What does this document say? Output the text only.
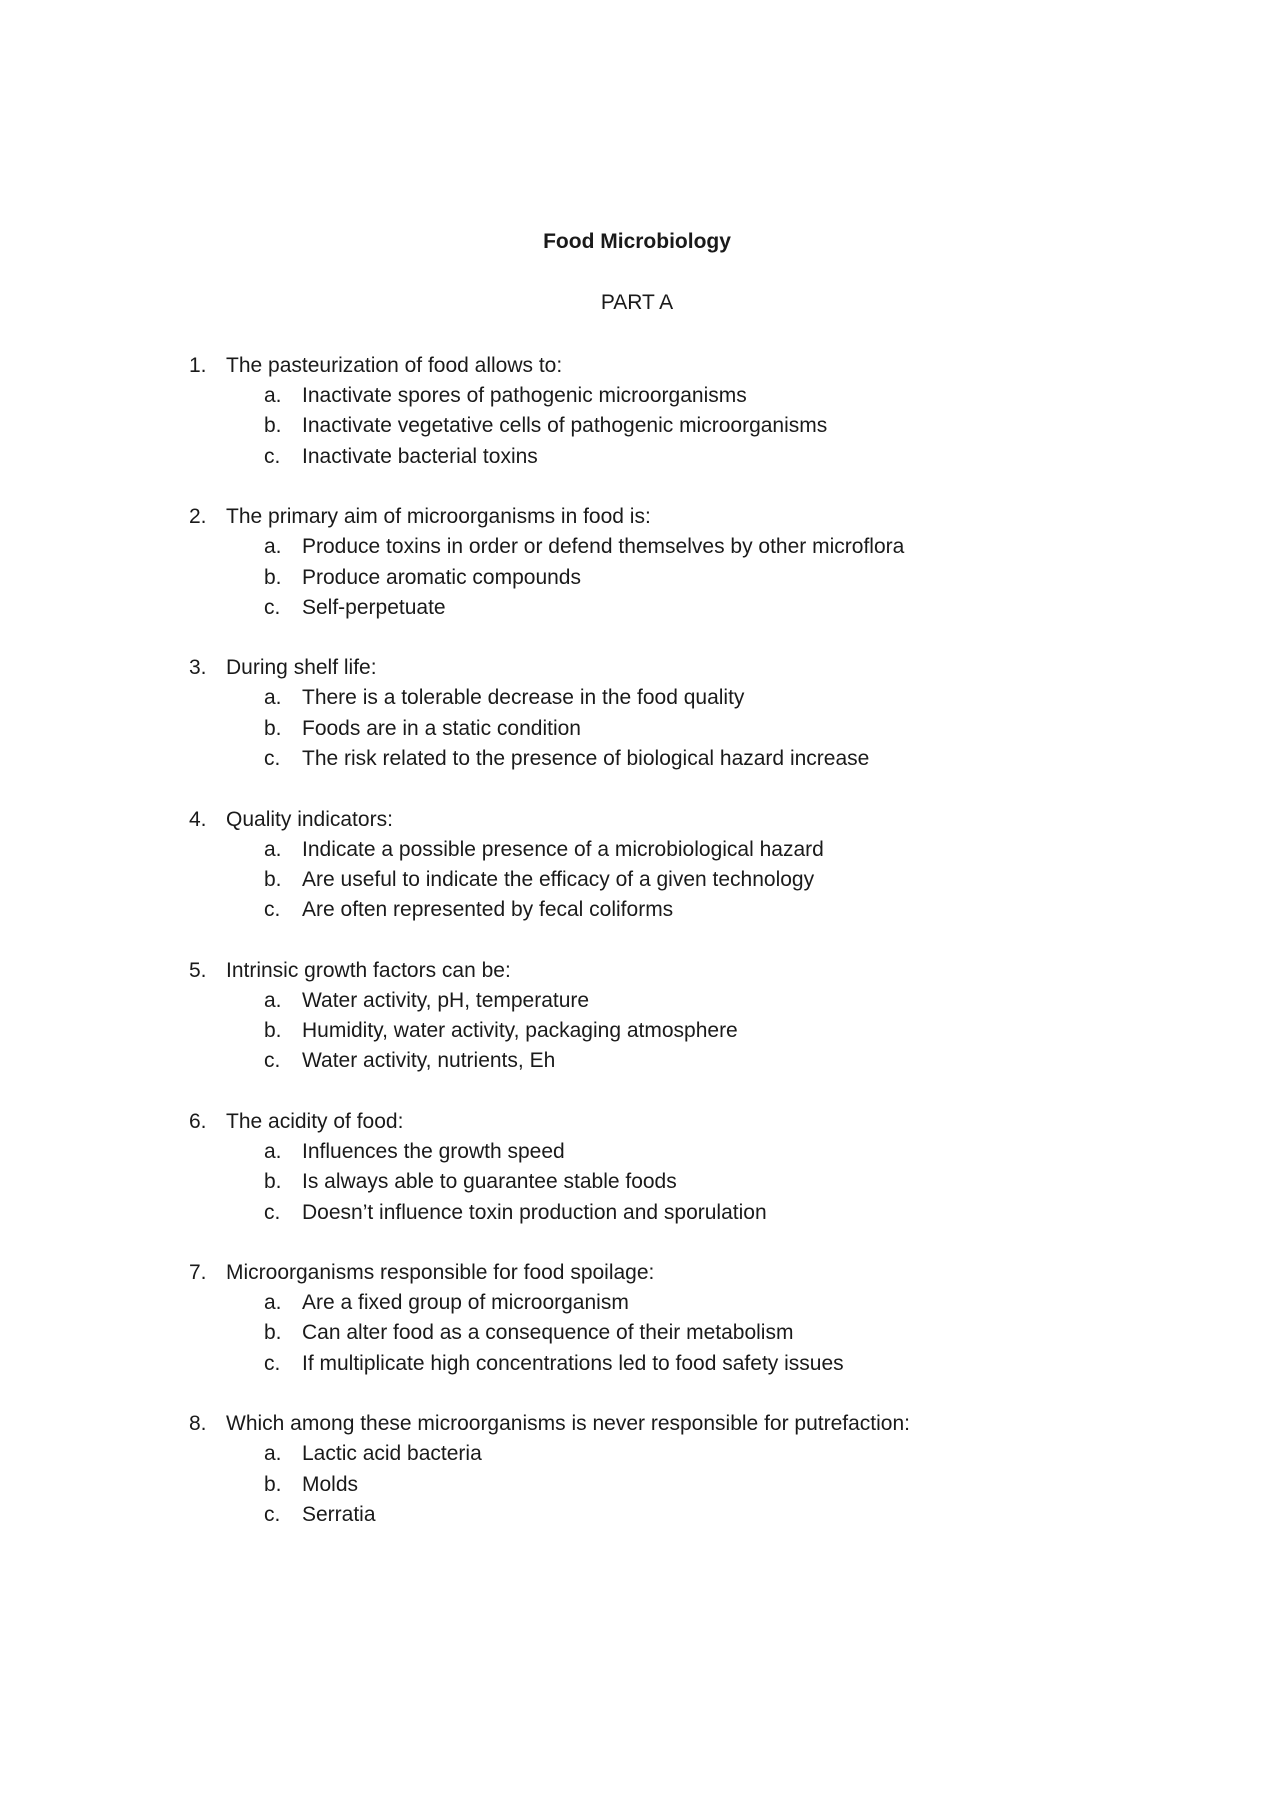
Food Microbiology
PART A
1. The pasteurization of food allows to:
a. Inactivate spores of pathogenic microorganisms
b. Inactivate vegetative cells of pathogenic microorganisms
c. Inactivate bacterial toxins
2. The primary aim of microorganisms in food is:
a. Produce toxins in order or defend themselves by other microflora
b. Produce aromatic compounds
c. Self-perpetuate
3. During shelf life:
a. There is a tolerable decrease in the food quality
b. Foods are in a static condition
c. The risk related to the presence of biological hazard increase
4. Quality indicators:
a. Indicate a possible presence of a microbiological hazard
b. Are useful to indicate the efficacy of a given technology
c. Are often represented by fecal coliforms
5. Intrinsic growth factors can be:
a. Water activity, pH, temperature
b. Humidity, water activity, packaging atmosphere
c. Water activity, nutrients, Eh
6. The acidity of food:
a. Influences the growth speed
b. Is always able to guarantee stable foods
c. Doesn’t influence toxin production and sporulation
7. Microorganisms responsible for food spoilage:
a. Are a fixed group of microorganism
b. Can alter food as a consequence of their metabolism
c. If multiplicate high concentrations led to food safety issues
8. Which among these microorganisms is never responsible for putrefaction:
a. Lactic acid bacteria
b. Molds
c. Serratia
